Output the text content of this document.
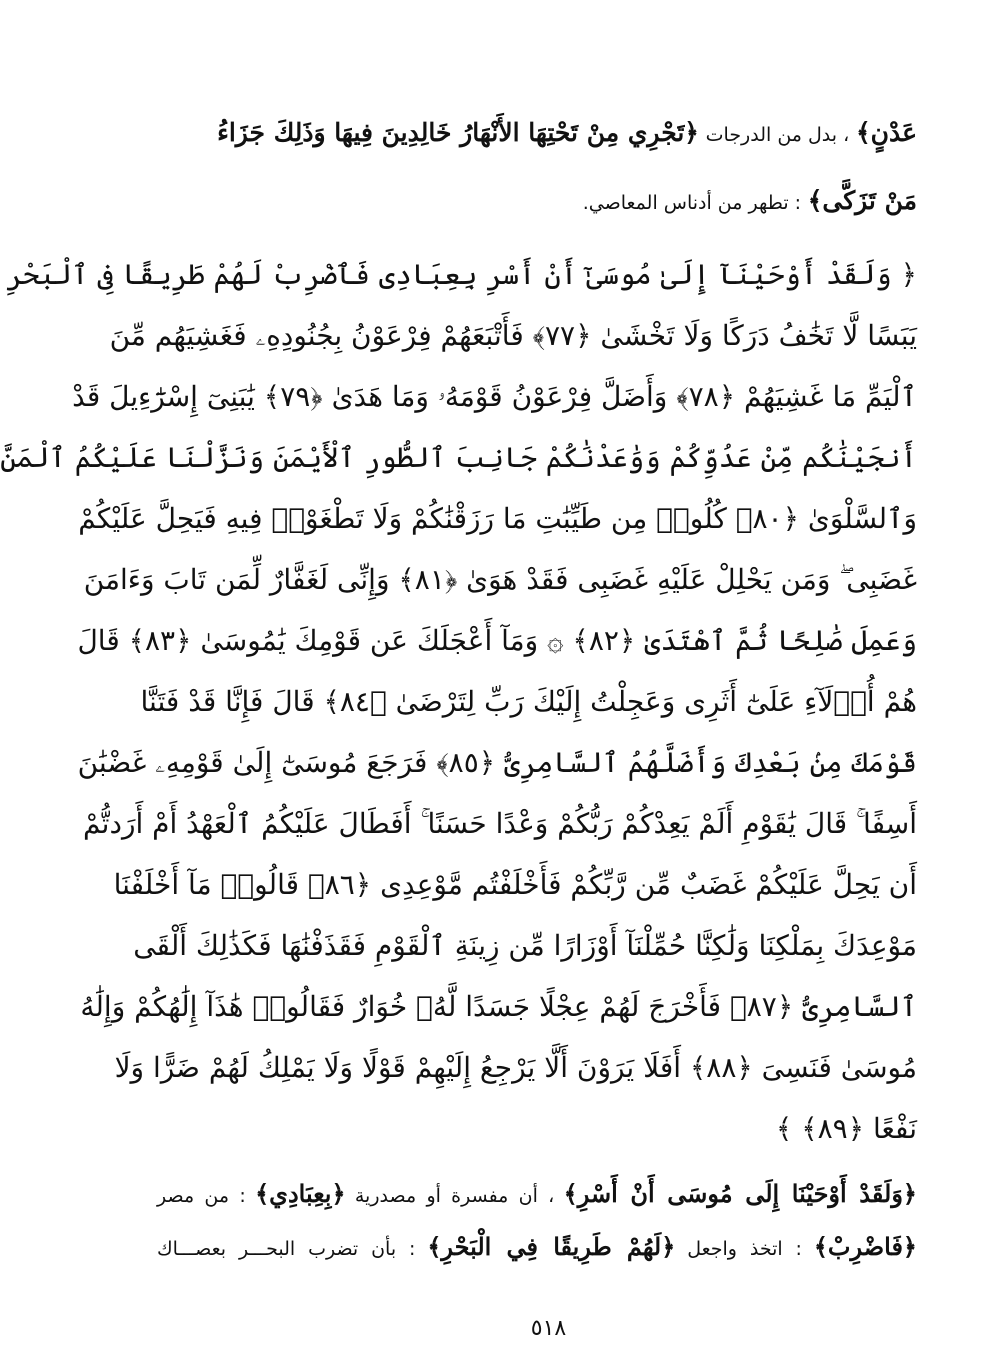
عَدْنٍ﴾ ، بدل من الدرجات ﴿تَجْرِي مِنْ تَحْتِهَا الأَنْهَارُ خَالِدِينَ فِيهَا وَذَلِكَ جَزَاءُ
مَنْ تَزَكَّى﴾ : تطهر من أدناس المعاصي.
﴿ وَلَقَدْ أَوْحَيْنَآ إِلَىٰ مُوسَىٰٓ أَنْ أَسْرِ بِعِبَادِى فَٱضْرِبْ لَهُمْ طَرِيقًا فِى ٱلْبَحْرِ
يَبَسًا لَّا تَخَٰفُ دَرَكًا وَلَا تَخْشَىٰ ﴿٧٧﴾ فَأَتْبَعَهُمْ فِرْعَوْنُ بِجُنُودِهِۦ فَغَشِيَهُم مِّنَ
ٱلْيَمِّ مَا غَشِيَهُمْ ﴿٧٨﴾ وَأَضَلَّ فِرْعَوْنُ قَوْمَهُۥ وَمَا هَدَىٰ ﴿٧٩﴾ يَٰبَنِىٓ إِسْرَٰٓءِيلَ قَدْ
أَنجَيْنَٰكُم مِّنْ عَدُوِّكُمْ وَوَٰعَدْنَٰكُمْ جَانِبَ ٱلطُّورِ ٱلْأَيْمَنَ وَنَزَّلْنَا عَلَيْكُمُ ٱلْمَنَّ
وَٱلسَّلْوَىٰ ﴿٨٠﴾ كُلُوا۟ مِن طَيِّبَٰتِ مَا رَزَقْنَٰكُمْ وَلَا تَطْغَوْا۟ فِيهِ فَيَحِلَّ عَلَيْكُمْ
غَضَبِى ۖ وَمَن يَحْلِلْ عَلَيْهِ غَضَبِى فَقَدْ هَوَىٰ ﴿٨١﴾ وَإِنِّى لَغَفَّارٌ لِّمَن تَابَ وَءَامَنَ
وَعَمِلَ صَٰلِحًا ثُمَّ ٱهْتَدَىٰ ﴿٨٢﴾ ۞ وَمَآ أَعْجَلَكَ عَن قَوْمِكَ يَٰمُوسَىٰ ﴿٨٣﴾ قَالَ
هُمْ أُو۟لَآءِ عَلَىٰٓ أَثَرِى وَعَجِلْتُ إِلَيْكَ رَبِّ لِتَرْضَىٰ ﴿٨٤﴾ قَالَ فَإِنَّا قَدْ فَتَنَّا
قَوْمَكَ مِنۢ بَعْدِكَ وَأَضَلَّهُمُ ٱلسَّامِرِىُّ ﴿٨٥﴾ فَرَجَعَ مُوسَىٰٓ إِلَىٰ قَوْمِهِۦ غَضْبَٰنَ
أَسِفًا ۚ قَالَ يَٰقَوْمِ أَلَمْ يَعِدْكُمْ رَبُّكُمْ وَعْدًا حَسَنًا ۚ أَفَطَالَ عَلَيْكُمُ ٱلْعَهْدُ أَمْ أَرَدتُّمْ
أَن يَحِلَّ عَلَيْكُمْ غَضَبٌ مِّن رَّبِّكُمْ فَأَخْلَفْتُم مَّوْعِدِى ﴿٨٦﴾ قَالُوا۟ مَآ أَخْلَفْنَا
مَوْعِدَكَ بِمَلْكِنَا وَلَٰكِنَّا حُمِّلْنَآ أَوْزَارًا مِّن زِينَةِ ٱلْقَوْمِ فَقَذَفْنَٰهَا فَكَذَٰلِكَ أَلْقَى
ٱلسَّامِرِىُّ ﴿٨٧﴾ فَأَخْرَجَ لَهُمْ عِجْلًا جَسَدًا لَّهُۥ خُوَارٌ فَقَالُوا۟ هَٰذَآ إِلَٰهُكُمْ وَإِلَٰهُ
مُوسَىٰ فَنَسِىَ ﴿٨٨﴾ أَفَلَا يَرَوْنَ أَلَّا يَرْجِعُ إِلَيْهِمْ قَوْلًا وَلَا يَمْلِكُ لَهُمْ ضَرًّا وَلَا
نَفْعًا ﴿٨٩﴾ ﴾
﴿وَلَقَدْ أَوْحَيْنَا إِلَى مُوسَى أَنْ أَسْرِ﴾ ، أن مفسرة أو مصدرية ﴿بِعِبَادِي﴾ : من مصر
﴿فَاضْرِبْ﴾ : اتخذ واجعل ﴿لَهُمْ طَرِيقًا فِي الْبَحْرِ﴾ : بأن تضرب البحـــر بعصـــاك
٥١٨
